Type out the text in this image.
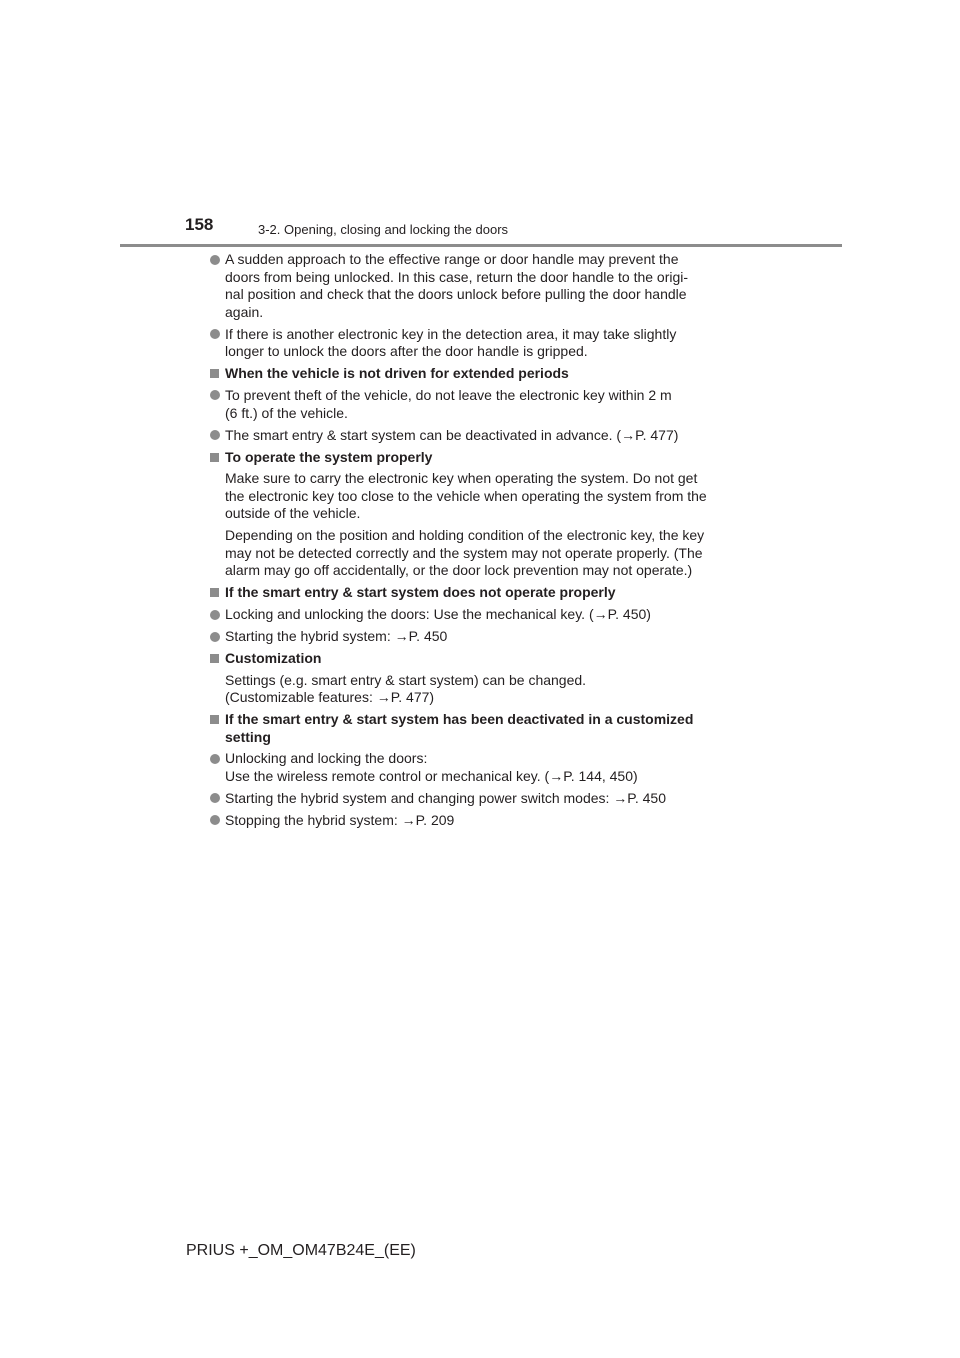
158	3-2. Opening, closing and locking the doors
A sudden approach to the effective range or door handle may prevent the
doors from being unlocked. In this case, return the door handle to the origi-
nal position and check that the doors unlock before pulling the door handle
again.
If there is another electronic key in the detection area, it may take slightly
longer to unlock the doors after the door handle is gripped.
When the vehicle is not driven for extended periods
To prevent theft of the vehicle, do not leave the electronic key within 2 m
(6 ft.) of the vehicle.
The smart entry & start system can be deactivated in advance. (→P. 477)
To operate the system properly
Make sure to carry the electronic key when operating the system. Do not get
the electronic key too close to the vehicle when operating the system from the
outside of the vehicle.
Depending on the position and holding condition of the electronic key, the key
may not be detected correctly and the system may not operate properly. (The
alarm may go off accidentally, or the door lock prevention may not operate.)
If the smart entry & start system does not operate properly
Locking and unlocking the doors: Use the mechanical key. (→P. 450)
Starting the hybrid system: →P. 450
Customization
Settings (e.g. smart entry & start system) can be changed.
(Customizable features: →P. 477)
If the smart entry & start system has been deactivated in a customized
setting
Unlocking and locking the doors:
Use the wireless remote control or mechanical key. (→P. 144, 450)
Starting the hybrid system and changing power switch modes: →P. 450
Stopping the hybrid system: →P. 209
PRIUS +_OM_OM47B24E_(EE)
